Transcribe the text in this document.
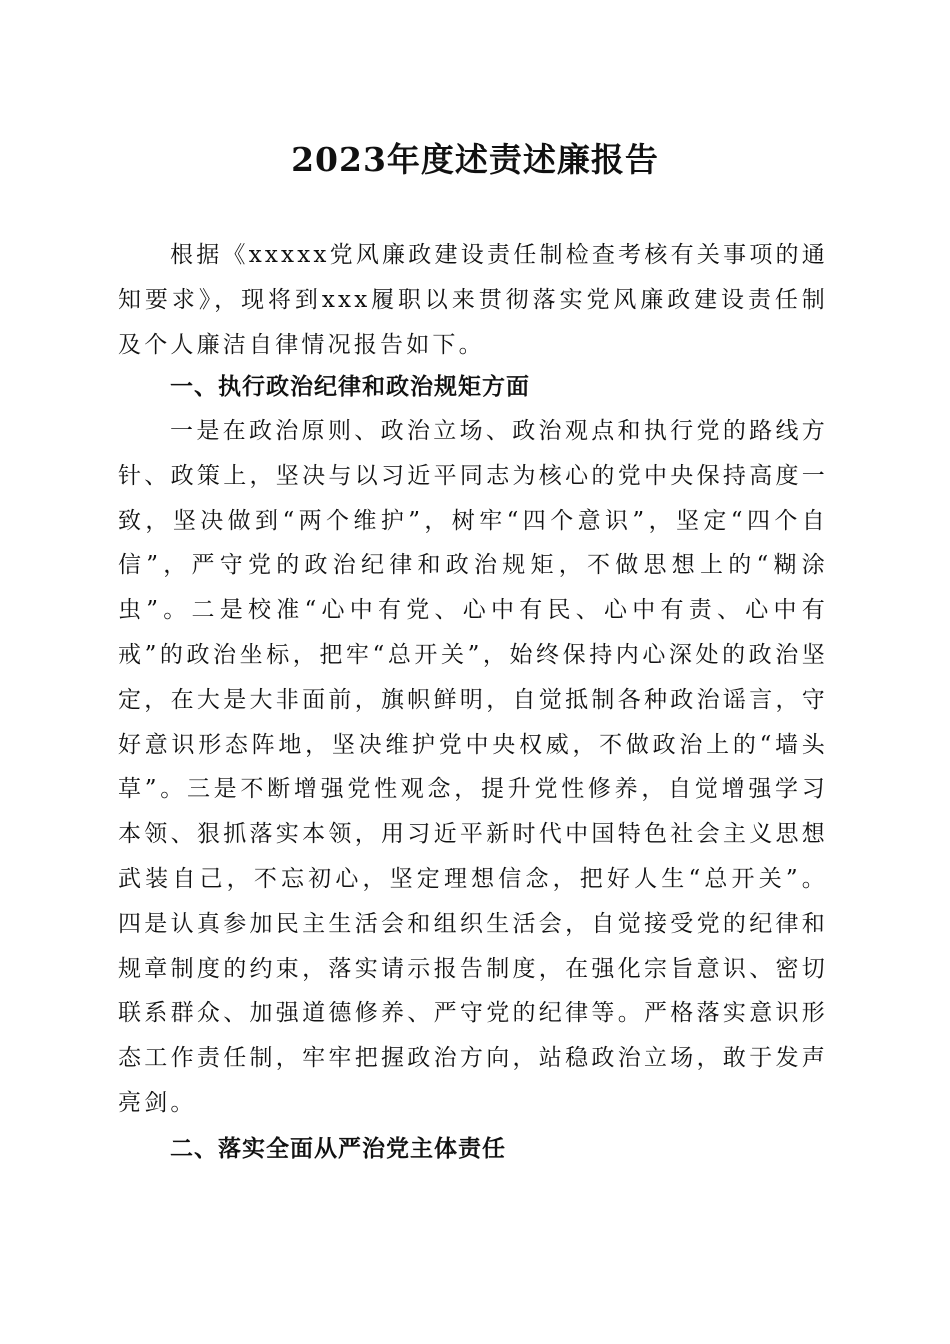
2023年度述责述廉报告

根据《xxxxx党风廉政建设责任制检查考核有关事项的通知要求》，现将到xxx履职以来贯彻落实党风廉政建设责任制及个人廉洁自律情况报告如下。

一、执行政治纪律和政治规矩方面

一是在政治原则、政治立场、政治观点和执行党的路线方针、政策上，坚决与以习近平同志为核心的党中央保持高度一致，坚决做到“两个维护”，树牢“四个意识”，坚定“四个自信”，严守党的政治纪律和政治规矩，不做思想上的“糊涂虫”。二是校准“心中有党、心中有民、心中有责、心中有戒”的政治坐标，把牢“总开关”，始终保持内心深处的政治坚定，在大是大非面前，旗帜鲜明，自觉抵制各种政治谣言，守好意识形态阵地，坚决维护党中央权威，不做政治上的“墙头草”。三是不断增强党性观念，提升党性修养，自觉增强学习本领、狠抓落实本领，用习近平新时代中国特色社会主义思想武装自己，不忘初心，坚定理想信念，把好人生“总开关”。四是认真参加民主生活会和组织生活会，自觉接受党的纪律和规章制度的约束，落实请示报告制度，在强化宗旨意识、密切联系群众、加强道德修养、严守党的纪律等。严格落实意识形态工作责任制，牢牢把握政治方向，站稳政治立场，敢于发声亮剑。

二、落实全面从严治党主体责任
